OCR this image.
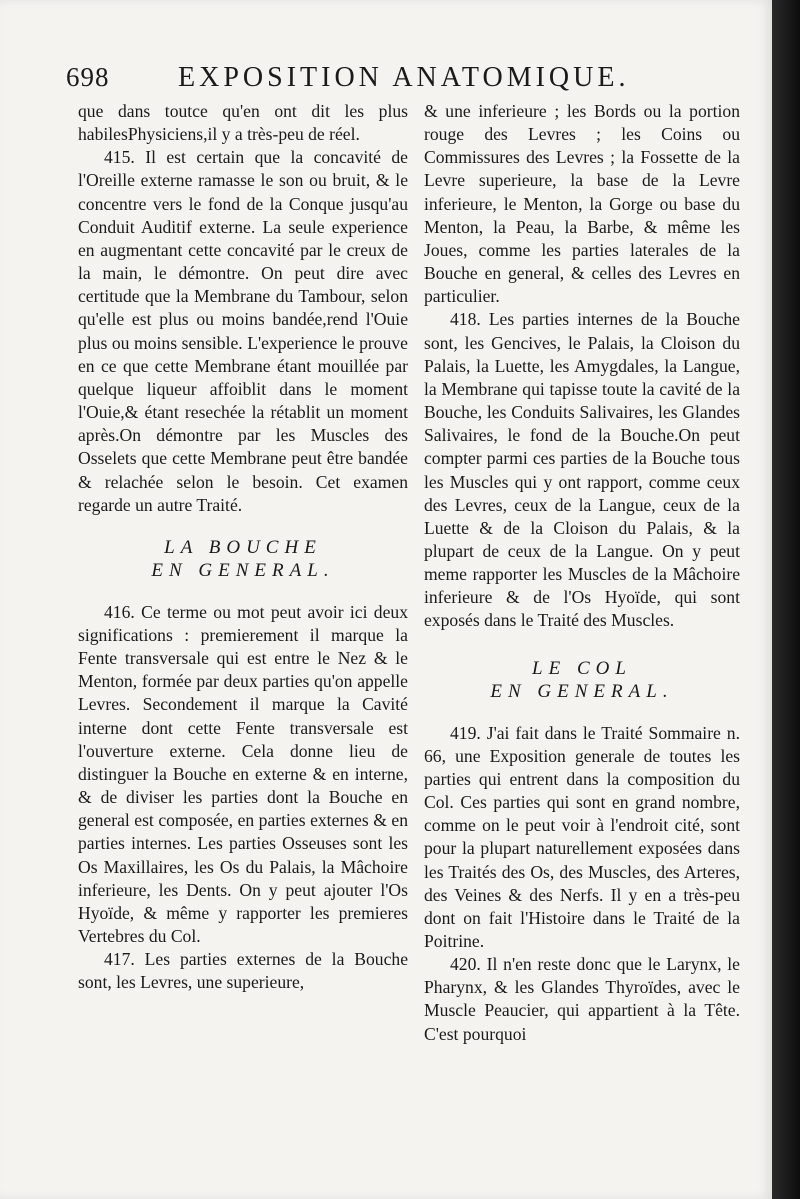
698 EXPOSITION ANATOMIQUE.

que dans toutce qu'en ont dit les plus habilesPhysiciens,il y a très-peu de réel.

415. Il est certain que la concavité de l'Oreille externe ramasse le son ou bruit, & le concentre vers le fond de la Conque jusqu'au Conduit Auditif externe. La seule experience en augmentant cette concavité par le creux de la main, le démontre. On peut dire avec certitude que la Membrane du Tambour, selon qu'elle est plus ou moins bandée,rend l'Ouie plus ou moins sensible. L'experience le prouve en ce que cette Membrane étant mouillée par quelque liqueur affoiblit dans le moment l'Ouie,& étant resechée la rétablit un moment après.On démontre par les Muscles des Osselets que cette Membrane peut être bandée & relachée selon le besoin. Cet examen regarde un autre Traité.

LA BOUCHE

EN GENERAL.

416. Ce terme ou mot peut avoir ici deux significations : premierement il marque la Fente transversale qui est entre le Nez & le Menton, formée par deux parties qu'on appelle Levres. Secondement il marque la Cavité interne dont cette Fente transversale est l'ouverture externe. Cela donne lieu de distinguer la Bouche en externe & en interne, & de diviser les parties dont la Bouche en general est composée, en parties externes & en parties internes. Les parties Osseuses sont les Os Maxillaires, les Os du Palais, la Mâchoire inferieure, les Dents. On y peut ajouter l'Os Hyoïde, & même y rapporter les premieres Vertebres du Col.

417. Les parties externes de la Bouche sont, les Levres, une superieure,

& une inferieure ; les Bords ou la portion rouge des Levres ; les Coins ou Commissures des Levres ; la Fossette de la Levre superieure, la base de la Levre inferieure, le Menton, la Gorge ou base du Menton, la Peau, la Barbe, & même les Joues, comme les parties laterales de la Bouche en general, & celles des Levres en particulier.

418. Les parties internes de la Bouche sont, les Gencives, le Palais, la Cloison du Palais, la Luette, les Amygdales, la Langue, la Membrane qui tapisse toute la cavité de la Bouche, les Conduits Salivaires, les Glandes Salivaires, le fond de la Bouche.On peut compter parmi ces parties de la Bouche tous les Muscles qui y ont rapport, comme ceux des Levres, ceux de la Langue, ceux de la Luette & de la Cloison du Palais, & la plupart de ceux de la Langue. On y peut meme rapporter les Muscles de la Mâchoire inferieure & de l'Os Hyoïde, qui sont exposés dans le Traité des Muscles.

LE COL

EN GENERAL.

419. J'ai fait dans le Traité Sommaire n. 66, une Exposition generale de toutes les parties qui entrent dans la composition du Col. Ces parties qui sont en grand nombre, comme on le peut voir à l'endroit cité, sont pour la plupart naturellement exposées dans les Traités des Os, des Muscles, des Arteres, des Veines & des Nerfs. Il y en a très-peu dont on fait l'Histoire dans le Traité de la Poitrine.

420. Il n'en reste donc que le Larynx, le Pharynx, & les Glandes Thyroïdes, avec le Muscle Peaucier, qui appartient à la Tête. C'est pourquoi
